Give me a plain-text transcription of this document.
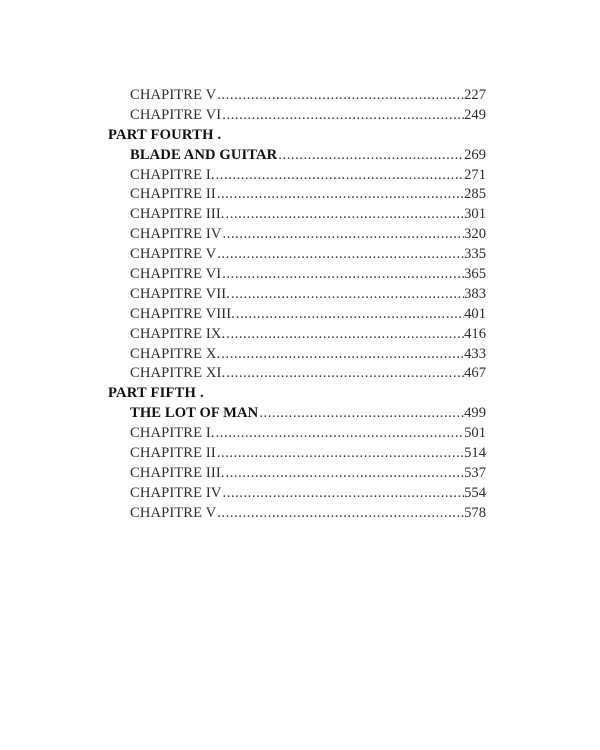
CHAPITRE V . . .	227
CHAPITRE VI . . .	249
PART FOURTH .
BLADE AND GUITAR . . .	269
CHAPITRE I. . . .	271
CHAPITRE II . . .	285
CHAPITRE III. . . .	301
CHAPITRE IV . . .	320
CHAPITRE V . . .	335
CHAPITRE VI . . .	365
CHAPITRE VII. . . .	383
CHAPITRE VIII. . . .	401
CHAPITRE IX. . . .	416
CHAPITRE X. . . .	433
CHAPITRE XI. . . .	467
PART FIFTH .
THE LOT OF MAN . . .	499
CHAPITRE I. . . .	501
CHAPITRE II . . .	514
CHAPITRE III. . . .	537
CHAPITRE IV . . .	554
CHAPITRE V . . .	578
